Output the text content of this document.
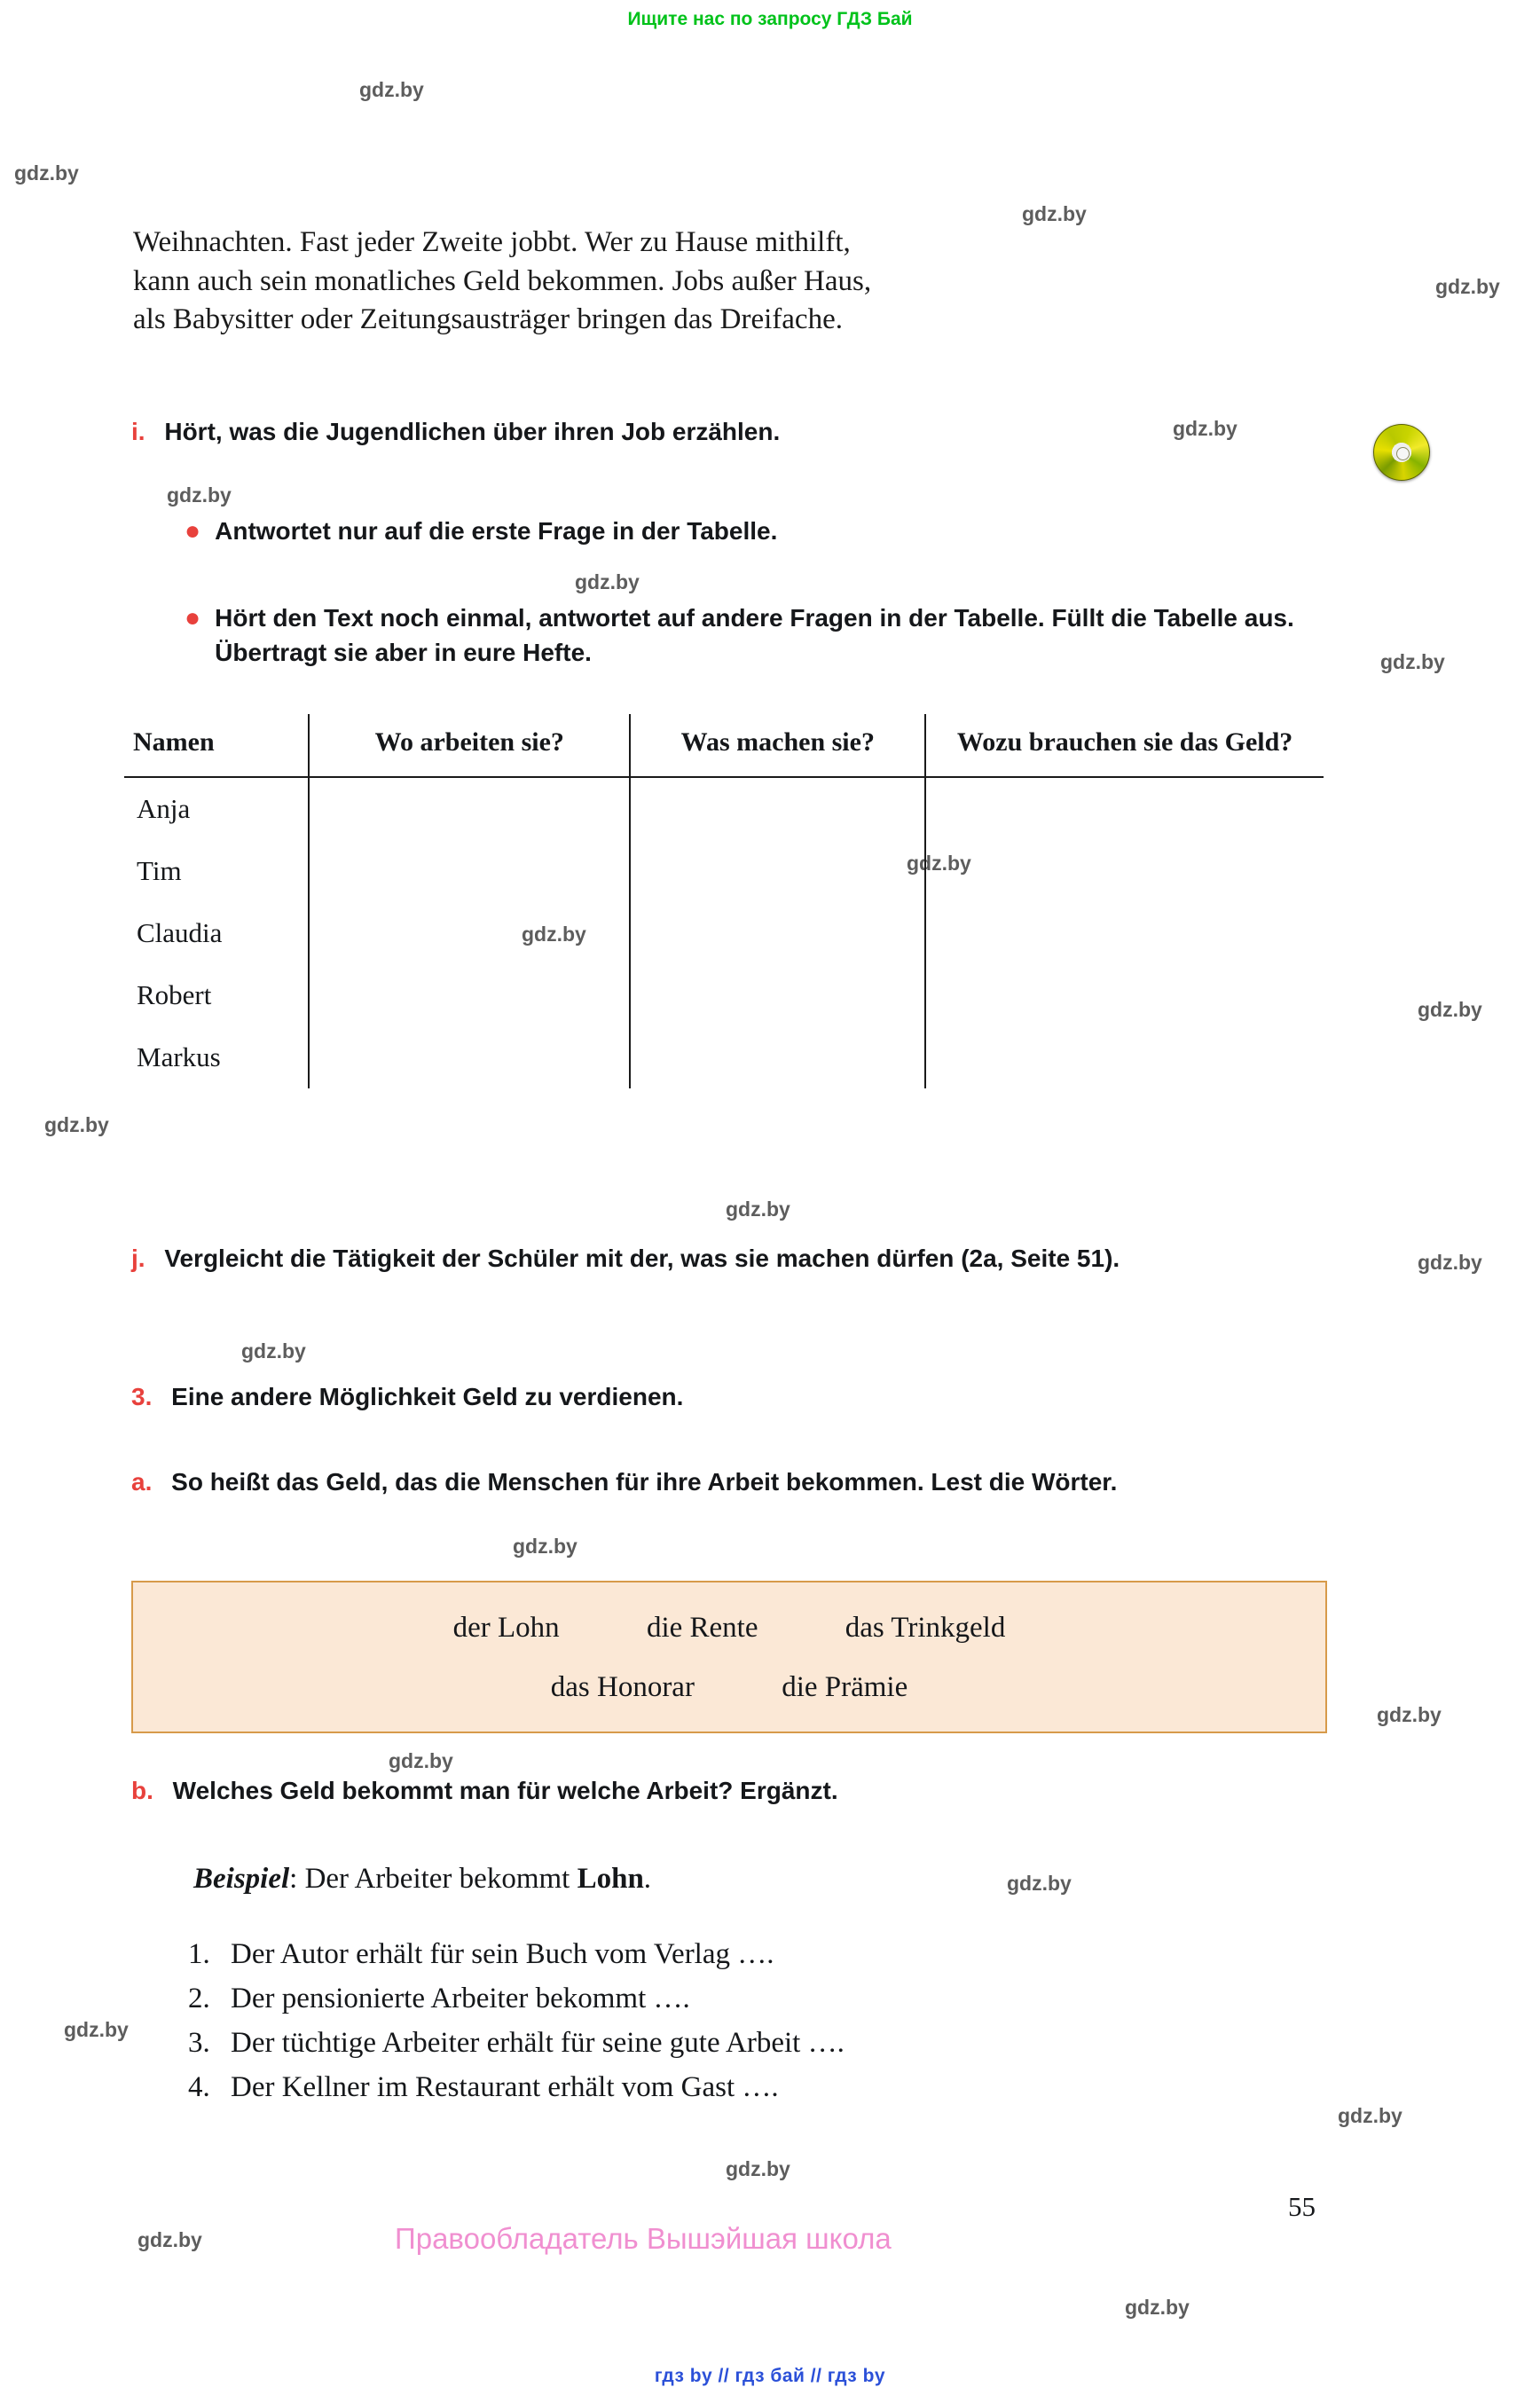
Ищите нас по запросу ГДЗ Бай
gdz.by
gdz.by
gdz.by
gdz.by
gdz.by
gdz.by
gdz.by
gdz.by
gdz.by
gdz.by
gdz.by
gdz.by
gdz.by
gdz.by
gdz.by
gdz.by
gdz.by
gdz.by
gdz.by
gdz.by
gdz.by
gdz.by
gdz.by
gdz.by
Weihnachten. Fast jeder Zweite jobbt. Wer zu Hause mithilft,
kann auch sein monatliches Geld bekommen. Jobs außer Haus,
als Babysitter oder Zeitungsausträger bringen das Dreifache.
i. Hört, was die Jugendlichen über ihren Job erzählen.
● Antwortet nur auf die erste Frage in der Tabelle.
● Hört den Text noch einmal, antwortet auf andere Fragen in der Tabelle. Füllt die Tabelle aus. Übertragt sie aber in eure Hefte.
Namen	Wo arbeiten sie?	Was machen sie?	Wozu brauchen sie das Geld?
Anja			
Tim			
Claudia			
Robert			
Markus			
j. Vergleicht die Tätigkeit der Schüler mit der, was sie machen dürfen (2a, Seite 51).
3. Eine andere Möglichkeit Geld zu verdienen.
a. So heißt das Geld, das die Menschen für ihre Arbeit bekommen. Lest die Wörter.
der Lohn	die Rente	das Trinkgeld
das Honorar	die Prämie
b. Welches Geld bekommt man für welche Arbeit? Ergänzt.
Beispiel: Der Arbeiter bekommt Lohn.
1. Der Autor erhält für sein Buch vom Verlag ….
2. Der pensionierte Arbeiter bekommt ….
3. Der tüchtige Arbeiter erhält für seine gute Arbeit ….
4. Der Kellner im Restaurant erhält vom Gast ….
55
Правообладатель Вышэйшая школа
гдз by // гдз бай // гдз by
